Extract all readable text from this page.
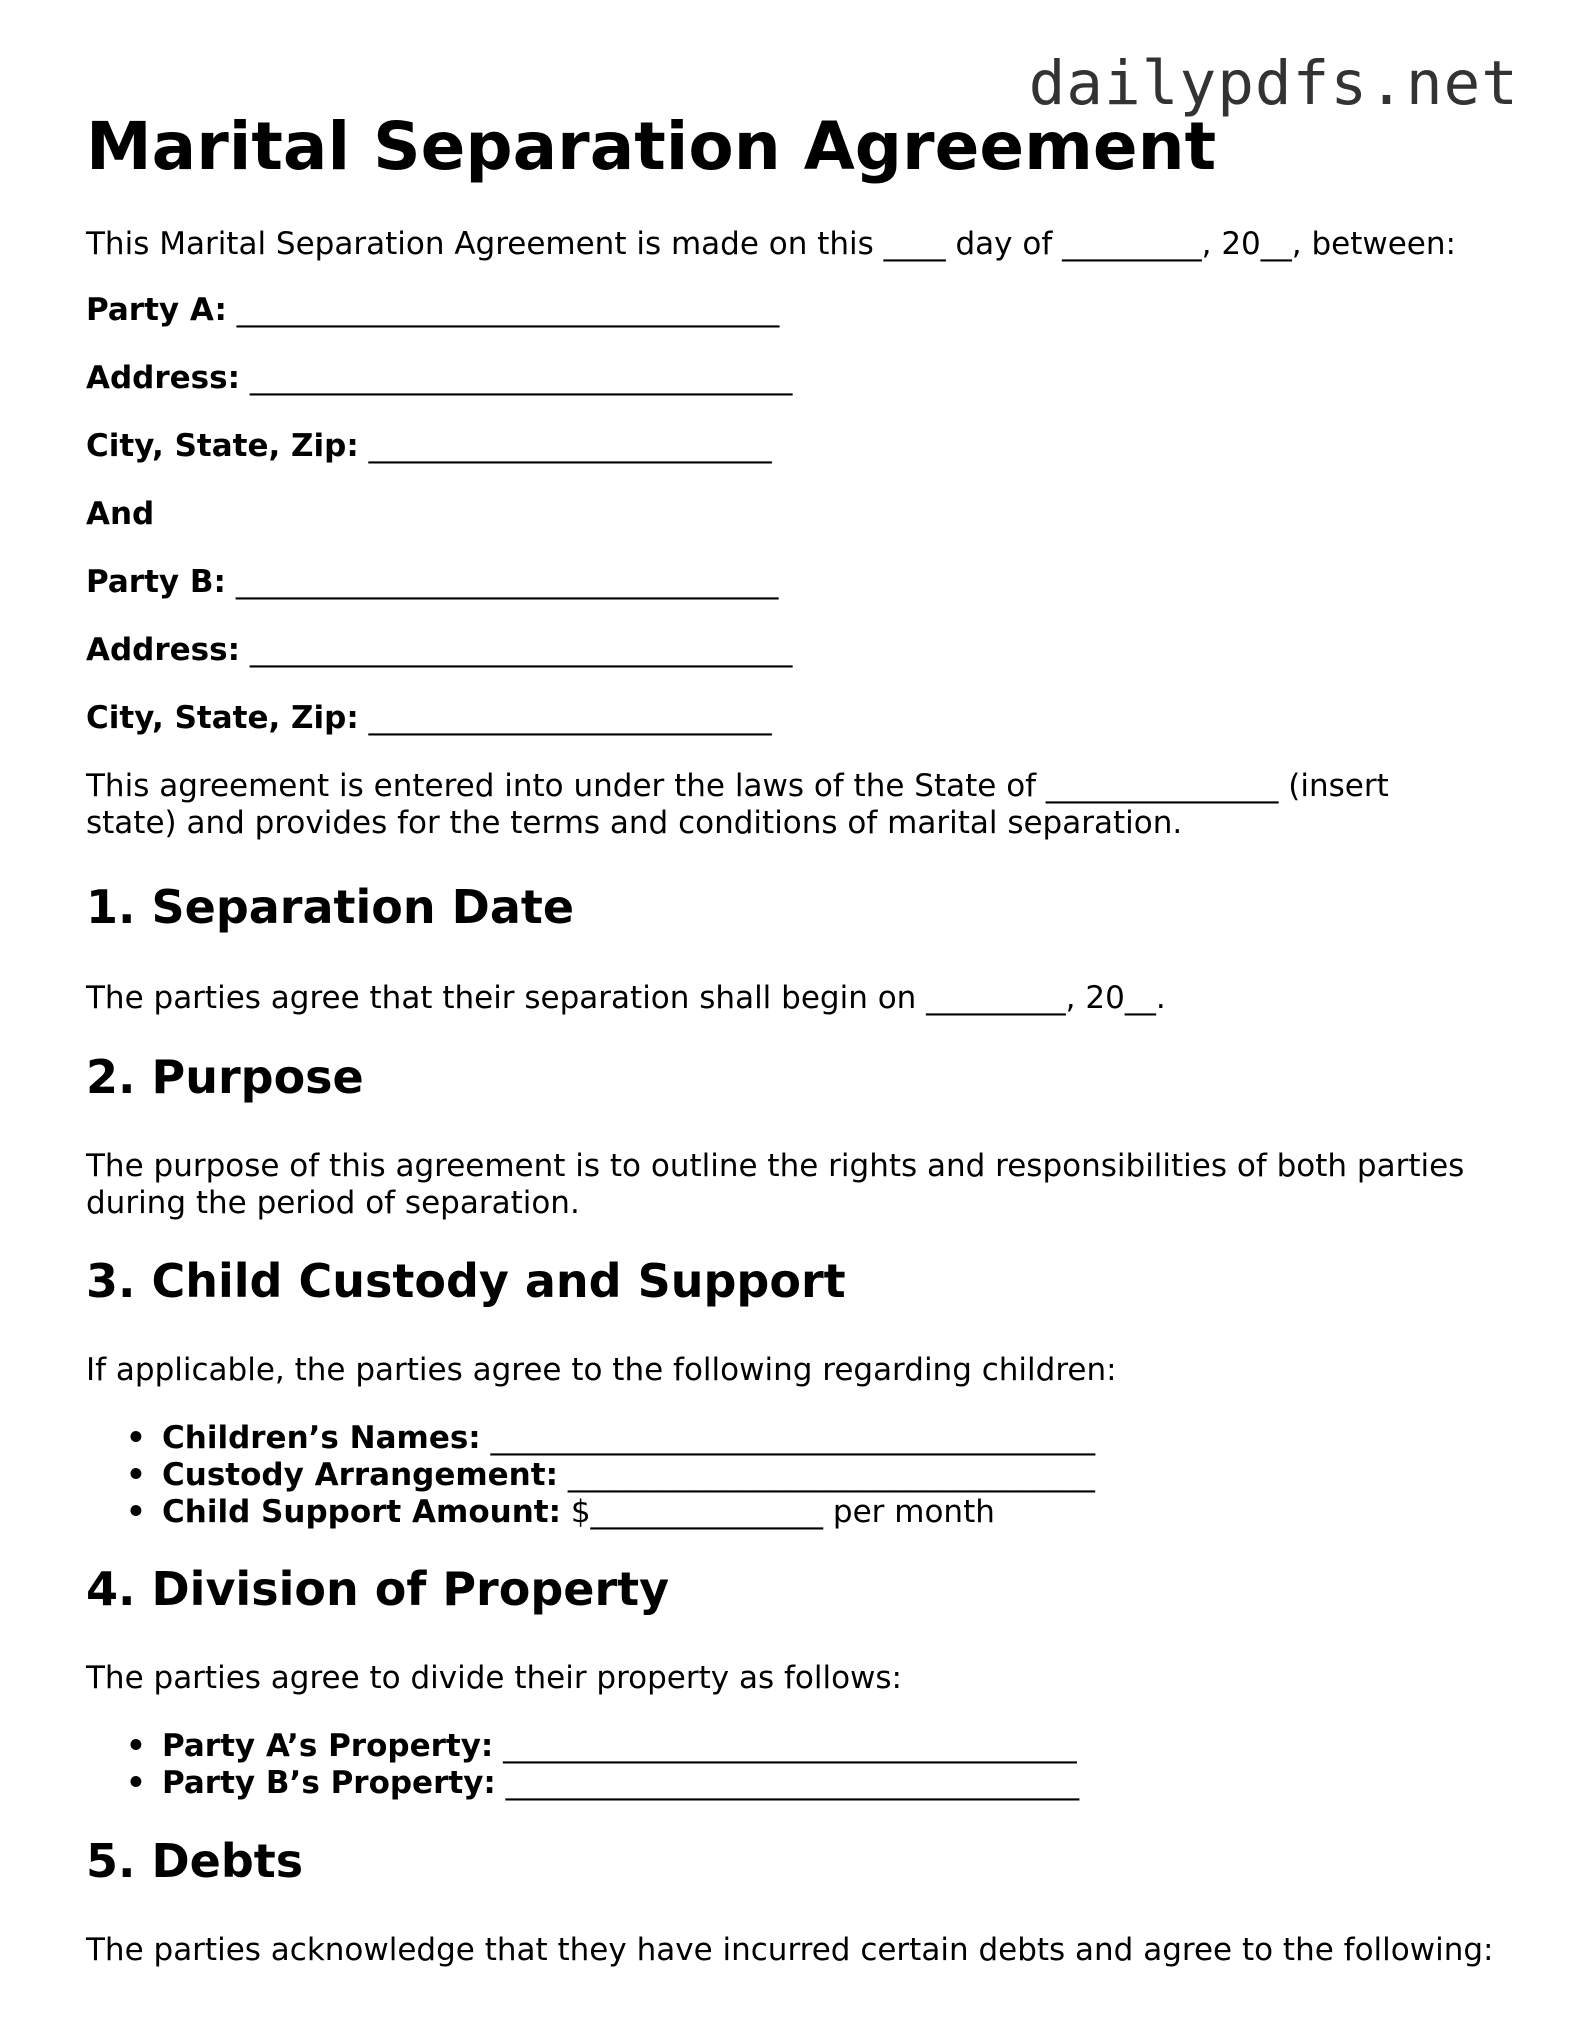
dailypdfs.net
Marital Separation Agreement

This Marital Separation Agreement is made on this ____ day of _________, 20__, between:

Party A: ___________________________________

Address: ___________________________________

City, State, Zip: __________________________

And

Party B: ___________________________________

Address: ___________________________________

City, State, Zip: __________________________

This agreement is entered into under the laws of the State of _______________ (insert

state) and provides for the terms and conditions of marital separation.

1. Separation Date

The parties agree that their separation shall begin on _________, 20__.

2. Purpose

The purpose of this agreement is to outline the rights and responsibilities of both parties

during the period of separation.

3. Child Custody and Support

If applicable, the parties agree to the following regarding children:

• Children’s Names: _______________________________________
• Custody Arrangement: __________________________________
• Child Support Amount: $_______________ per month
4. Division of Property

The parties agree to divide their property as follows:

• Party A’s Property: _____________________________________
• Party B’s Property: _____________________________________
5. Debts

The parties acknowledge that they have incurred certain debts and agree to the following:
